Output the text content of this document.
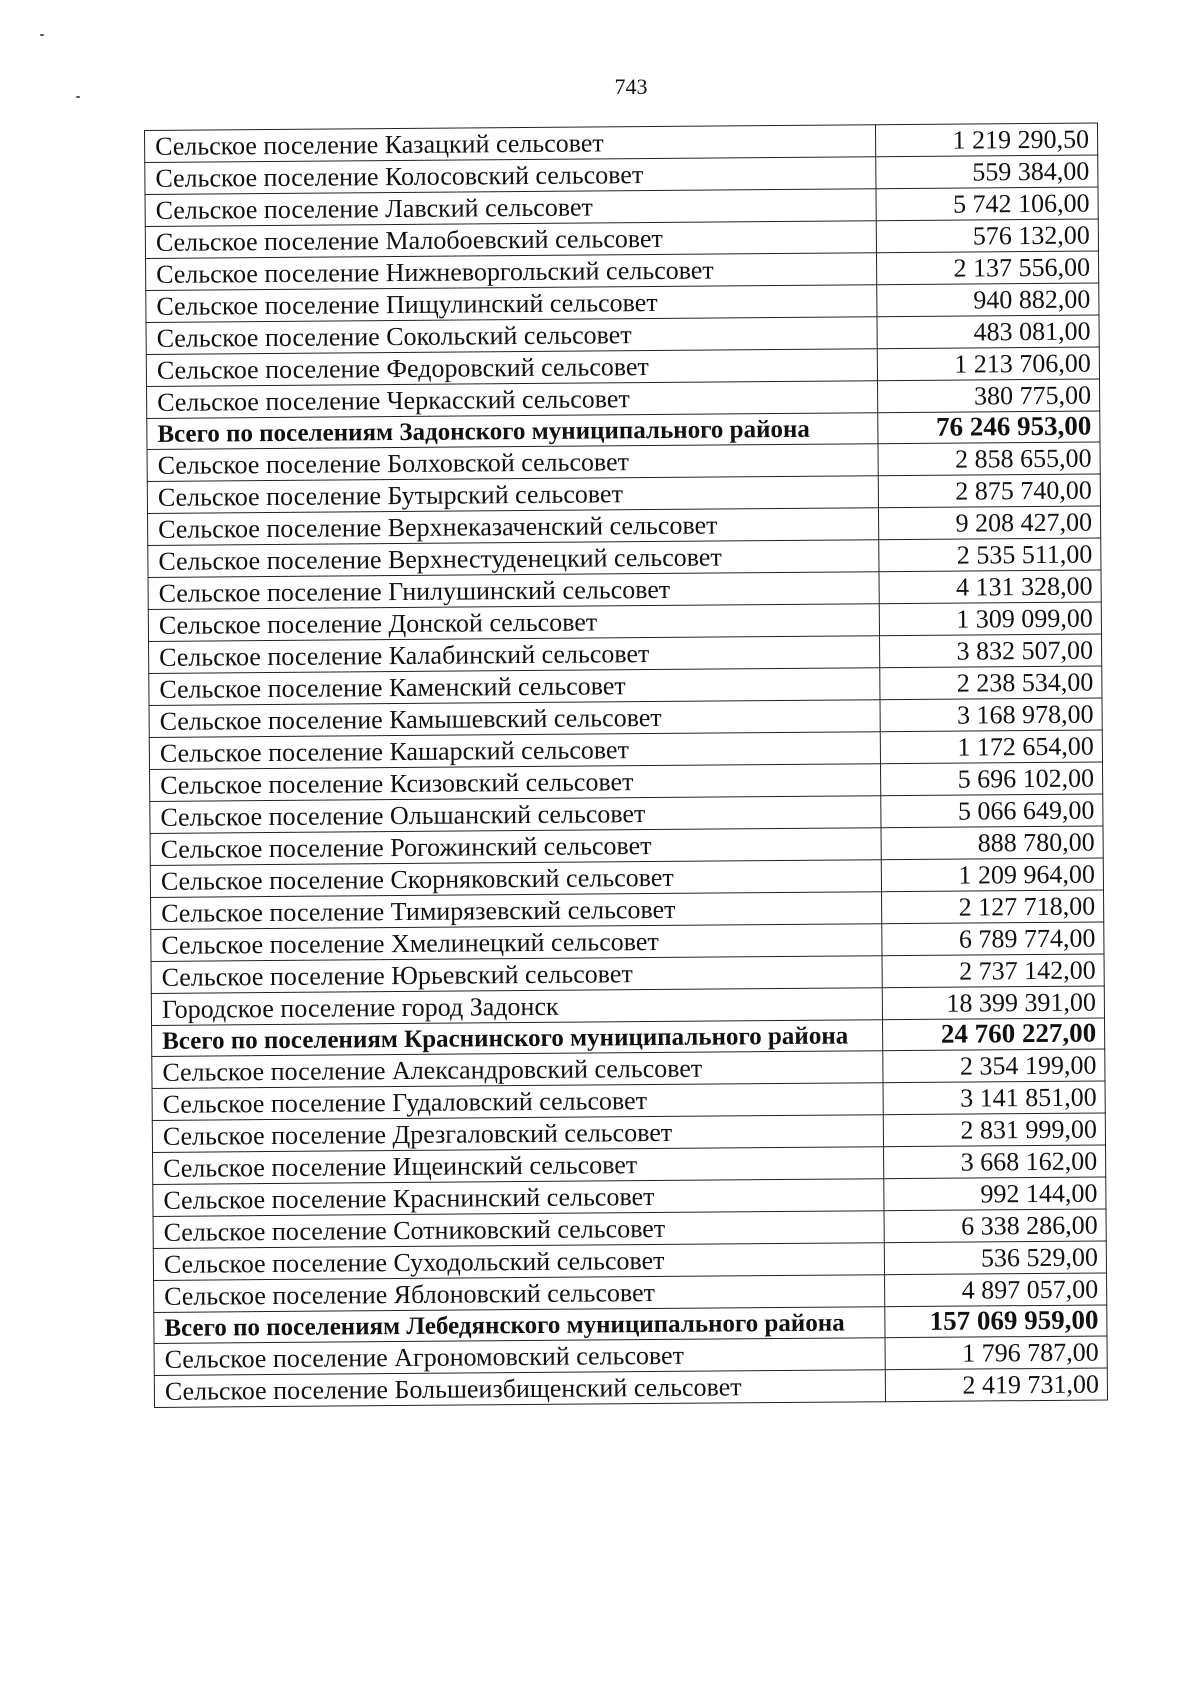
743
Сельское поселение Казацкий сельсовет	1 219 290,50
Сельское поселение Колосовский сельсовет	559 384,00
Сельское поселение Лавский сельсовет	5 742 106,00
Сельское поселение Малобоевский сельсовет	576 132,00
Сельское поселение Нижневоргольский сельсовет	2 137 556,00
Сельское поселение Пищулинский сельсовет	940 882,00
Сельское поселение Сокольский сельсовет	483 081,00
Сельское поселение Федоровский сельсовет	1 213 706,00
Сельское поселение Черкасский сельсовет	380 775,00
Всего по поселениям Задонского муниципального района	76 246 953,00
Сельское поселение Болховской сельсовет	2 858 655,00
Сельское поселение Бутырский сельсовет	2 875 740,00
Сельское поселение Верхнеказаченский сельсовет	9 208 427,00
Сельское поселение Верхнестуденецкий сельсовет	2 535 511,00
Сельское поселение Гнилушинский сельсовет	4 131 328,00
Сельское поселение Донской сельсовет	1 309 099,00
Сельское поселение Калабинский сельсовет	3 832 507,00
Сельское поселение Каменский сельсовет	2 238 534,00
Сельское поселение Камышевский сельсовет	3 168 978,00
Сельское поселение Кашарский сельсовет	1 172 654,00
Сельское поселение Ксизовский сельсовет	5 696 102,00
Сельское поселение Ольшанский сельсовет	5 066 649,00
Сельское поселение Рогожинский сельсовет	888 780,00
Сельское поселение Скорняковский сельсовет	1 209 964,00
Сельское поселение Тимирязевский сельсовет	2 127 718,00
Сельское поселение Хмелинецкий сельсовет	6 789 774,00
Сельское поселение Юрьевский сельсовет	2 737 142,00
Городское поселение город Задонск	18 399 391,00
Всего по поселениям Краснинского муниципального района	24 760 227,00
Сельское поселение Александровский сельсовет	2 354 199,00
Сельское поселение Гудаловский сельсовет	3 141 851,00
Сельское поселение Дрезгаловский сельсовет	2 831 999,00
Сельское поселение Ищеинский сельсовет	3 668 162,00
Сельское поселение Краснинский сельсовет	992 144,00
Сельское поселение Сотниковский сельсовет	6 338 286,00
Сельское поселение Суходольский сельсовет	536 529,00
Сельское поселение Яблоновский сельсовет	4 897 057,00
Всего по поселениям Лебедянского муниципального района	157 069 959,00
Сельское поселение Агрономовский сельсовет	1 796 787,00
Сельское поселение Большеизбищенский сельсовет	2 419 731,00
